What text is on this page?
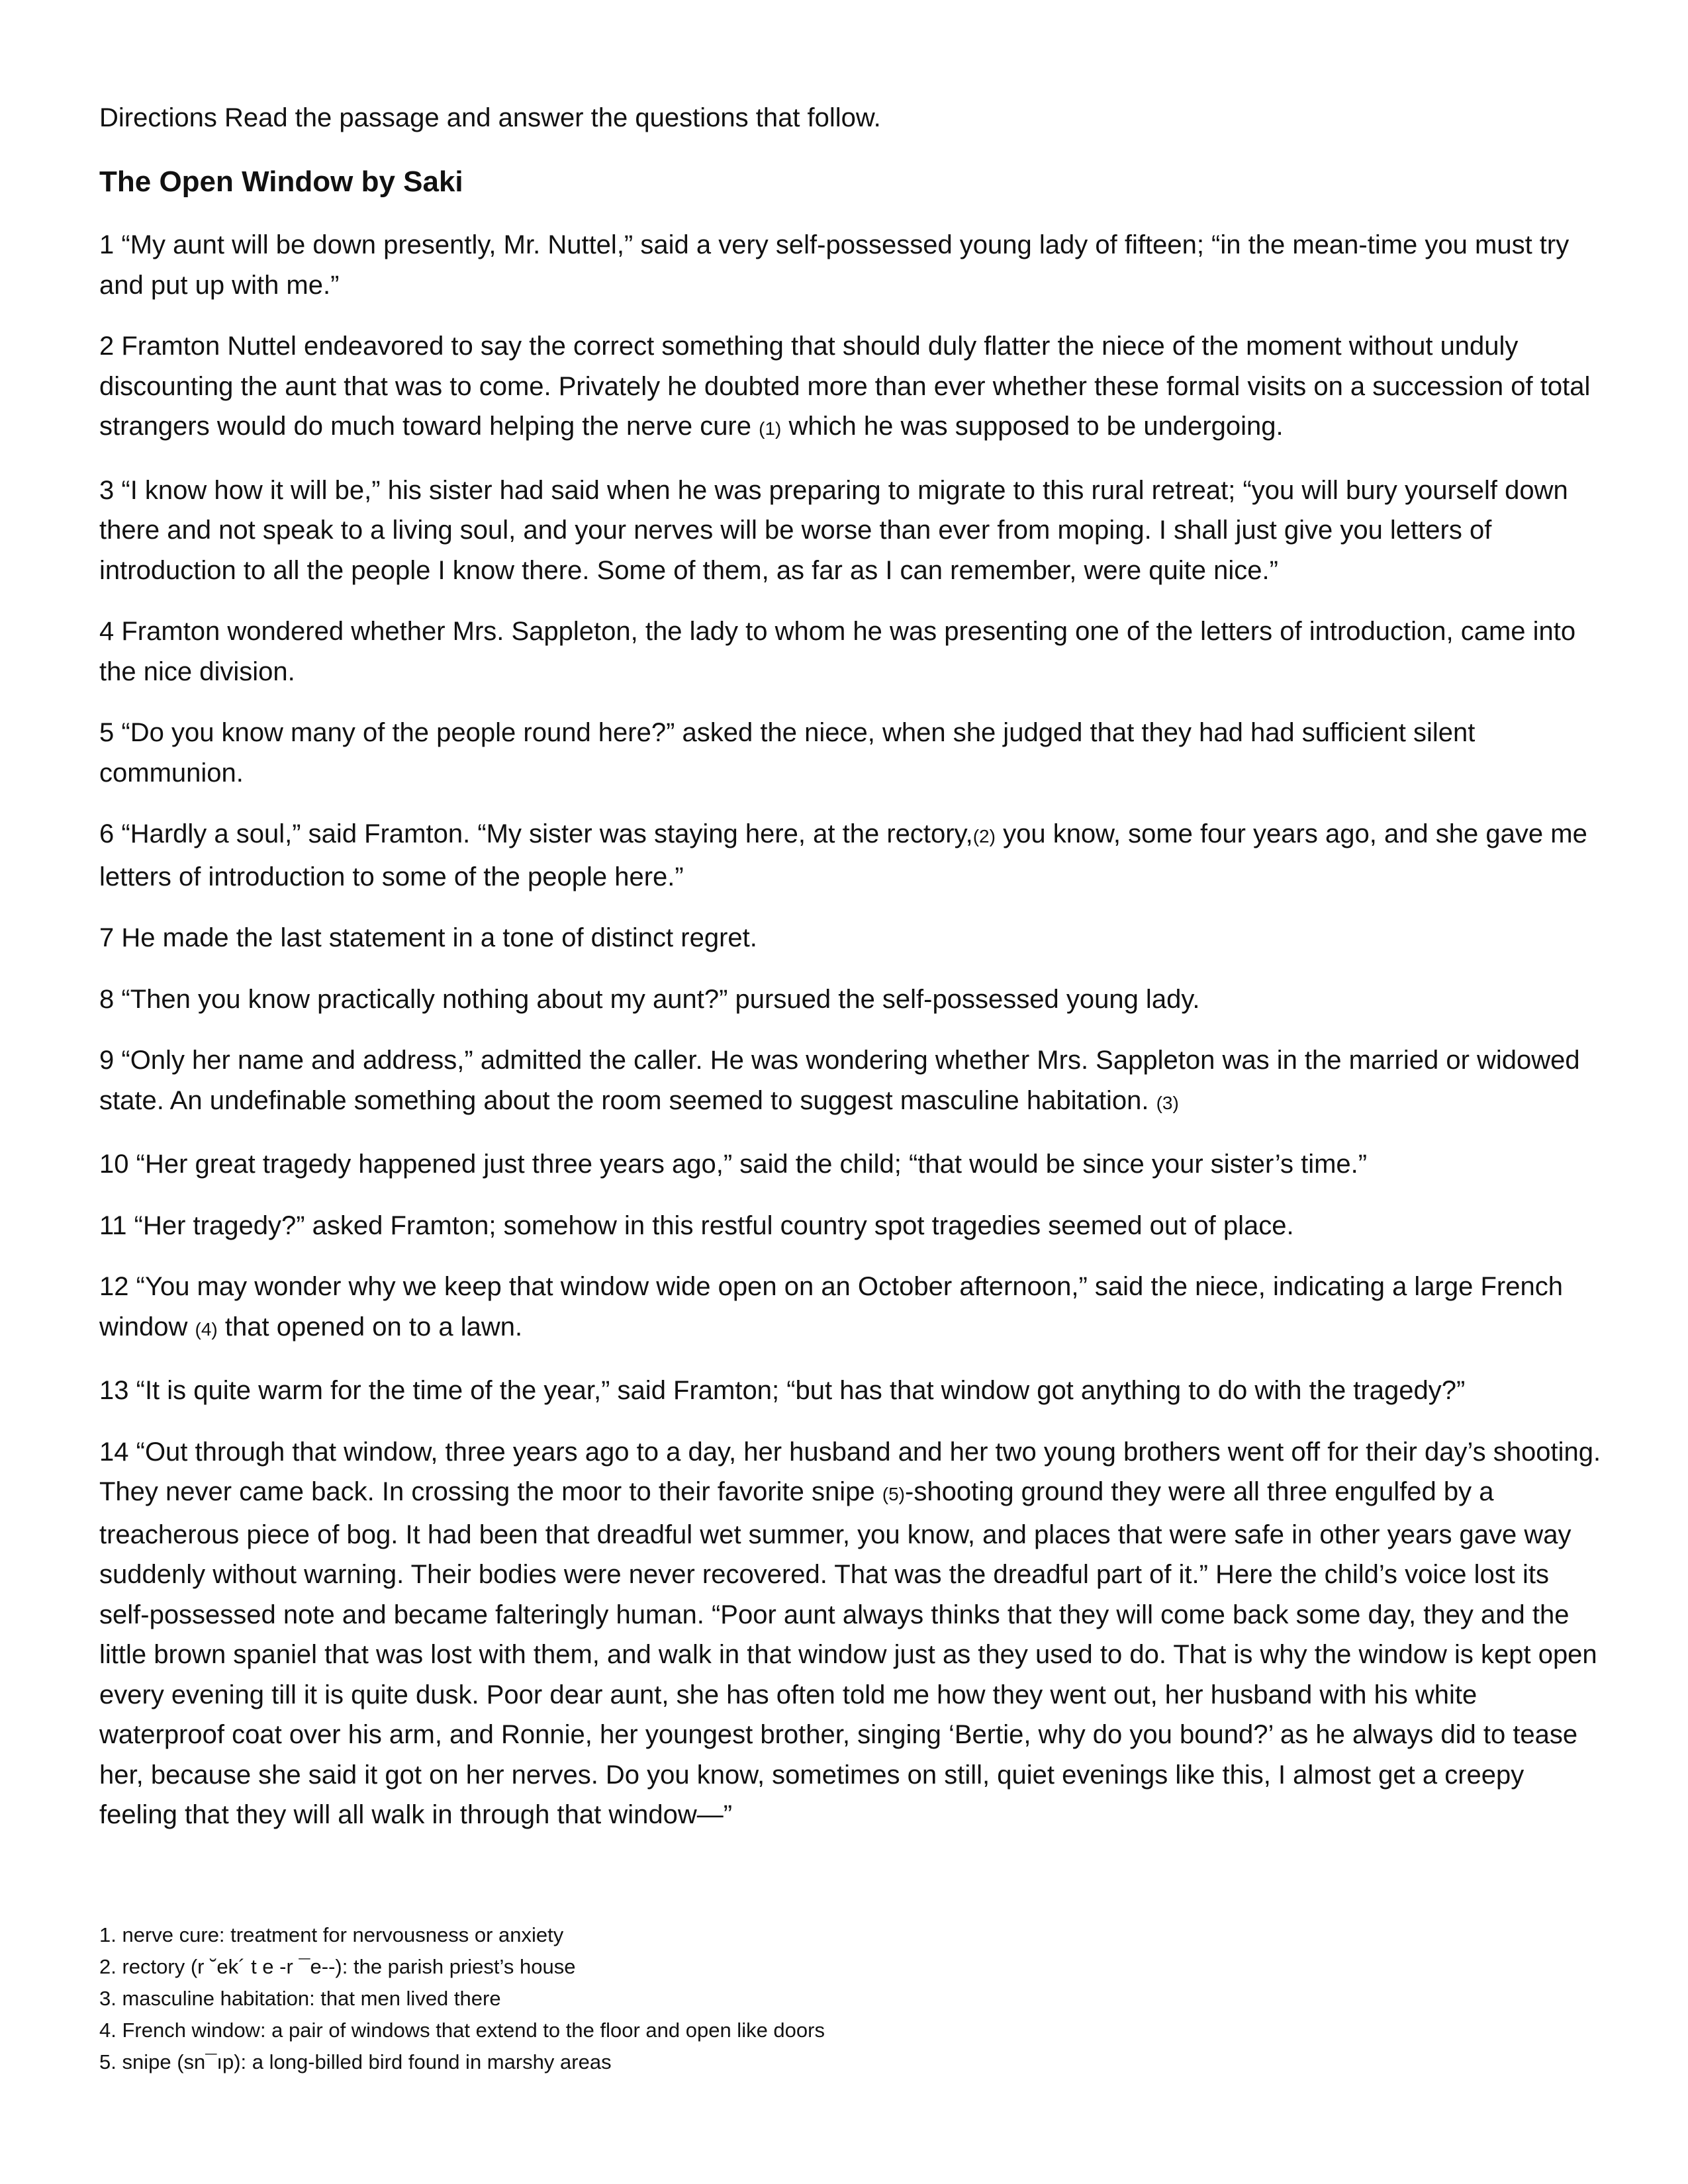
Directions Read the passage and answer the questions that follow.

The Open Window by Saki

1 “My aunt will be down presently, Mr. Nuttel,” said a very self-possessed young lady of fifteen; “in the mean-time you must try and put up with me.”

2 Framton Nuttel endeavored to say the correct something that should duly flatter the niece of the moment without unduly discounting the aunt that was to come. Privately he doubted more than ever whether these formal visits on a succession of total strangers would do much toward helping the nerve cure (1) which he was supposed to be undergoing.

3 “I know how it will be,” his sister had said when he was preparing to migrate to this rural retreat; “you will bury yourself down there and not speak to a living soul, and your nerves will be worse than ever from moping. I shall just give you letters of introduction to all the people I know there. Some of them, as far as I can remember, were quite nice.”

4 Framton wondered whether Mrs. Sappleton, the lady to whom he was presenting one of the letters of introduction, came into the nice division.

5 “Do you know many of the people round here?” asked the niece, when she judged that they had had sufficient silent communion.

6 “Hardly a soul,” said Framton. “My sister was staying here, at the rectory,(2) you know, some four years ago, and she gave me letters of introduction to some of the people here.”

7 He made the last statement in a tone of distinct regret.

8 “Then you know practically nothing about my aunt?” pursued the self-possessed young lady.

9 “Only her name and address,” admitted the caller. He was wondering whether Mrs. Sappleton was in the married or widowed state. An undefinable something about the room seemed to suggest masculine habitation. (3)

10 “Her great tragedy happened just three years ago,” said the child; “that would be since your sister’s time.”

11 “Her tragedy?” asked Framton; somehow in this restful country spot tragedies seemed out of place.

12 “You may wonder why we keep that window wide open on an October afternoon,” said the niece, indicating a large French window (4) that opened on to a lawn.

13 “It is quite warm for the time of the year,” said Framton; “but has that window got anything to do with the tragedy?”

14 “Out through that window, three years ago to a day, her husband and her two young brothers went off for their day’s shooting. They never came back. In crossing the moor to their favorite snipe (5)-shooting ground they were all three engulfed by a treacherous piece of bog. It had been that dreadful wet summer, you know, and places that were safe in other years gave way suddenly without warning. Their bodies were never recovered. That was the dreadful part of it.” Here the child’s voice lost its self-possessed note and became falteringly human. “Poor aunt always thinks that they will come back some day, they and the little brown spaniel that was lost with them, and walk in that window just as they used to do. That is why the window is kept open every evening till it is quite dusk. Poor dear aunt, she has often told me how they went out, her husband with his white waterproof coat over his arm, and Ronnie, her youngest brother, singing ‘Bertie, why do you bound?’ as he always did to tease her, because she said it got on her nerves. Do you know, sometimes on still, quiet evenings like this, I almost get a creepy feeling that they will all walk in through that window—”

1. nerve cure: treatment for nervousness or anxiety

2. rectory (r ˘ek´ t e -r ¯e--): the parish priest’s house

3. masculine habitation: that men lived there

4. French window: a pair of windows that extend to the floor and open like doors

5. snipe (sn¯ıp): a long-billed bird found in marshy areas
